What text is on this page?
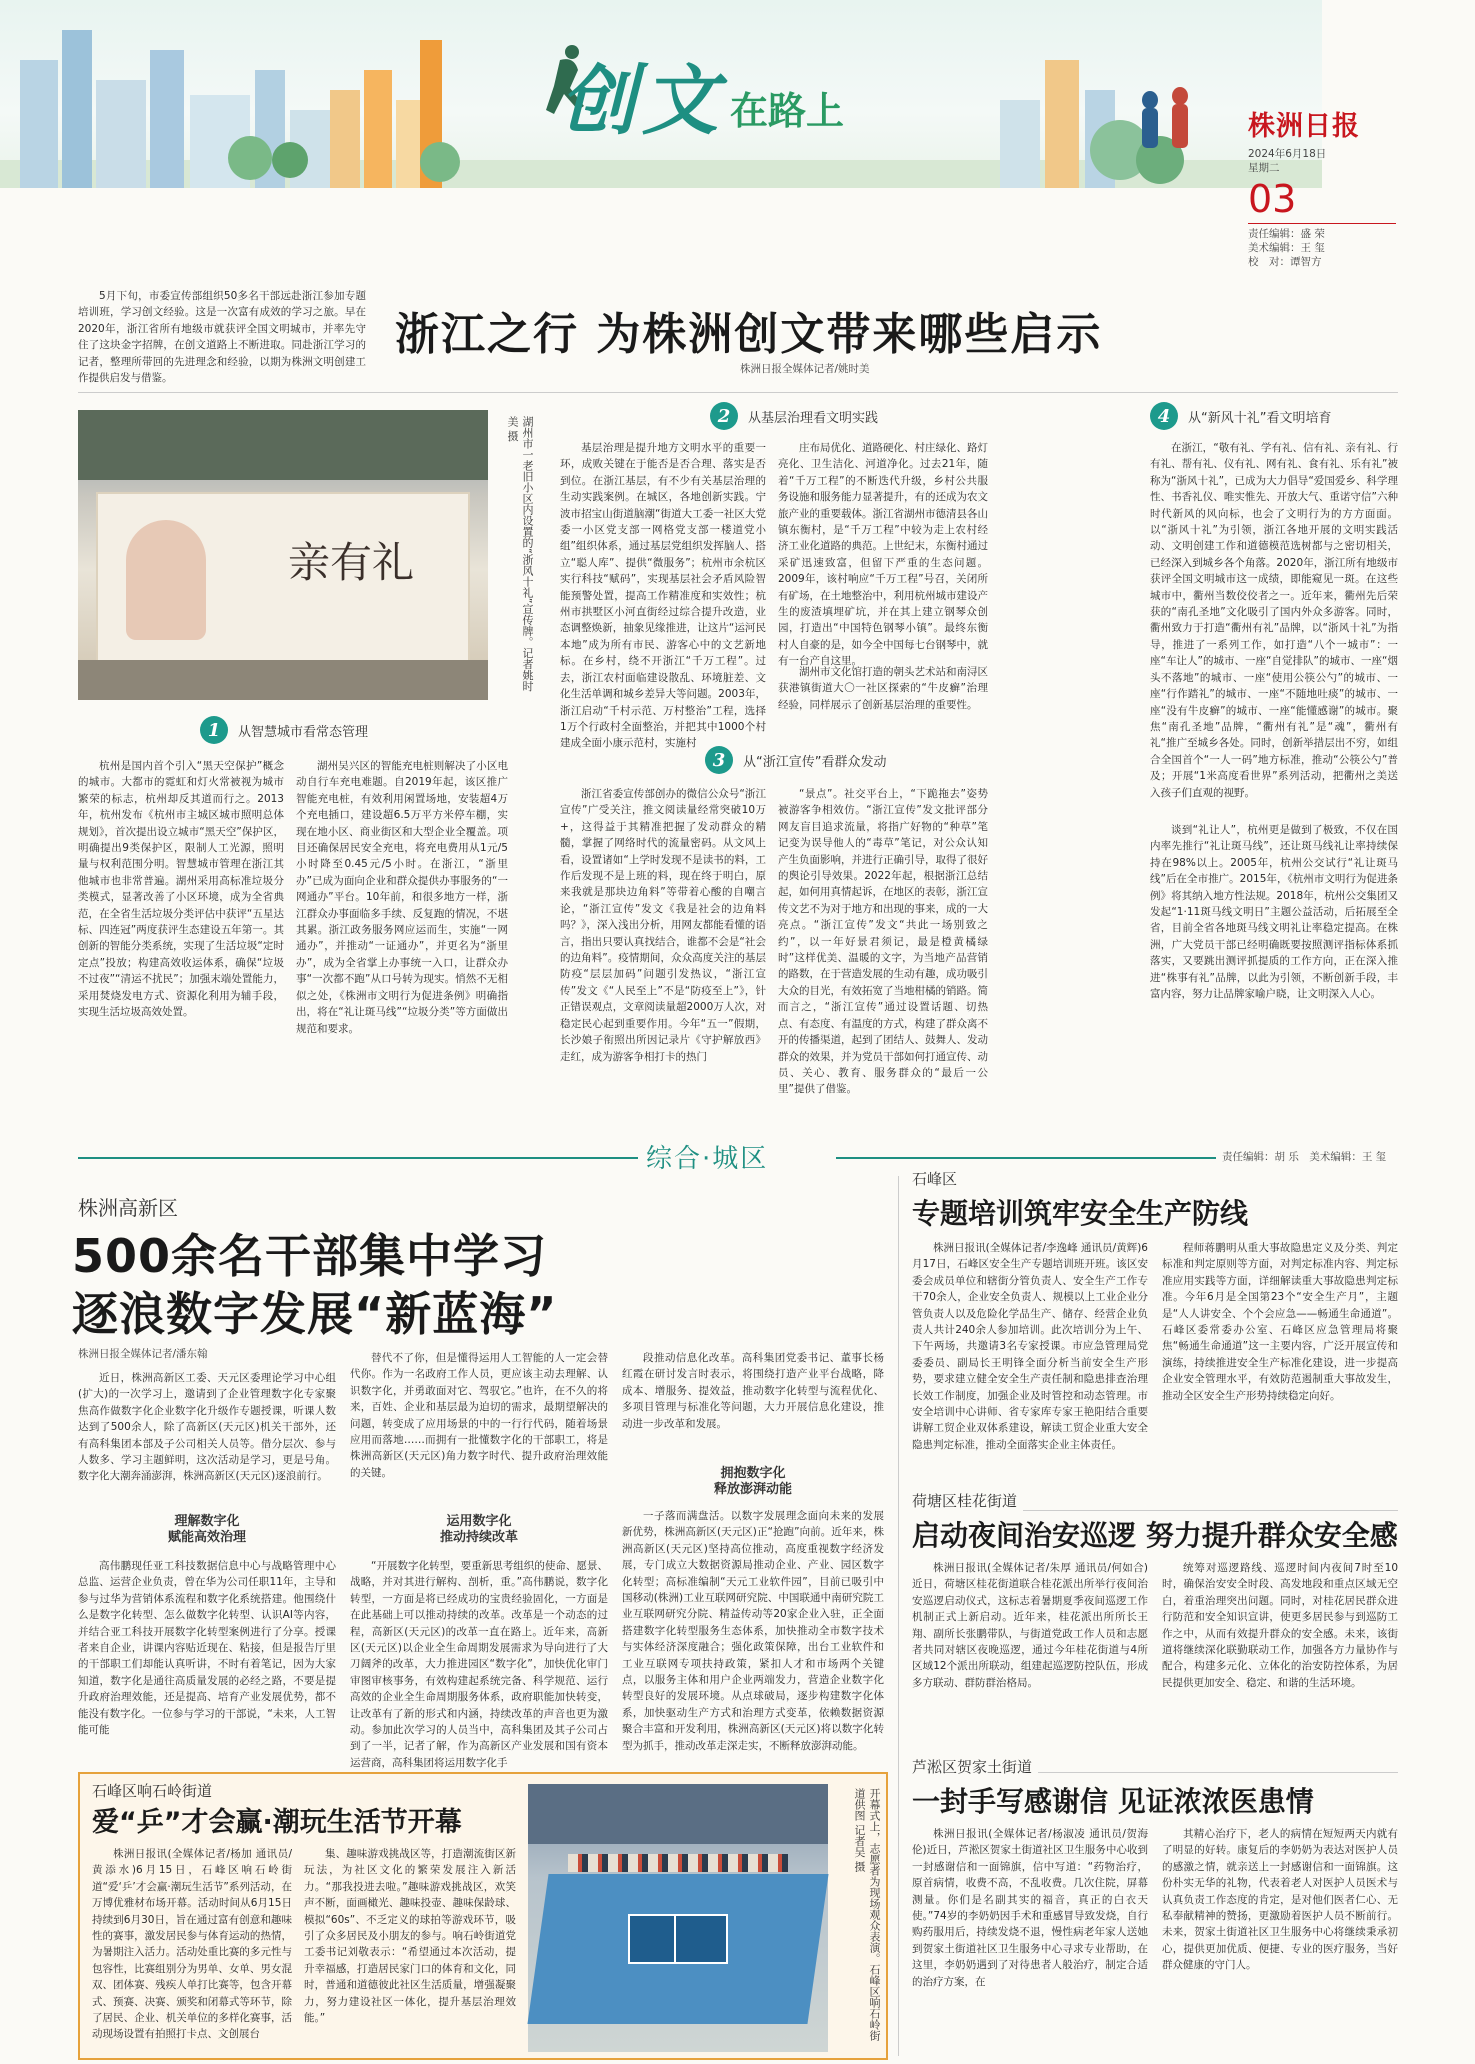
创文 在路上	株洲日报
2024年6月18日
星期二
03
责任编辑：盛 荣
美术编辑：王 玺
校　对：谭智方
5月下旬，市委宣传部组织50多名干部远赴浙江参加专题培训班，学习创文经验。这是一次富有成效的学习之旅。早在2020年，浙江省所有地级市就获评全国文明城市，并率先守住了这块金字招牌，在创文道路上不断进取。同赴浙江学习的记者，整理所带回的先进理念和经验，以期为株洲文明创建工作提供启发与借鉴。
浙江之行 为株洲创文带来哪些启示
株洲日报全媒体记者/姚时美
亲有礼	湖州市一老旧小区内设置的“浙风十礼”宣传牌。记者姚时美 摄
1	从智慧城市看常态管理
2	从基层治理看文明实践
3	从“浙江宣传”看群众发动
4	从“新风十礼”看文明培育
杭州是国内首个引入“黑天空保护”概念的城市。大都市的霓虹和灯火常被视为城市繁荣的标志，杭州却反其道而行之。2013年，杭州发布《杭州市主城区城市照明总体规划》，首次提出设立城市“黑天空”保护区，明确提出9类保护区，限制人工光源，照明量与权利范围分明。智慧城市管理在浙江其他城市也非常普遍。湖州采用高标准垃圾分类模式，显著改善了小区环境，成为全省典范，在全省生活垃圾分类评估中获评“五星达标、四连冠”两度获评生态建设五年第一。其创新的智能分类系统，实现了生活垃圾“定时定点”投放；构建高效收运体系，确保“垃圾不过夜”“清运不扰民”；加强末端处置能力，采用焚烧发电方式、资源化利用为辅手段，实现生活垃圾高效处置。
湖州吴兴区的智能充电桩则解决了小区电动自行车充电难题。自2019年起，该区推广智能充电桩，有效利用闲置场地，安装超4万个充电插口，建设超6.5万平方米停车棚，实现在地小区、商业街区和大型企业全覆盖。项目还确保居民安全充电，将充电费用从1元/5小时降至0.45元/5小时。在浙江，“浙里办”已成为面向企业和群众提供办事服务的“一网通办”平台。10年前，和很多地方一样，浙江群众办事面临多手续、反复跑的情况，不堪其累。浙江政务服务网应运而生，实施“一网通办”，并推动“一证通办”，并更名为“浙里办”，成为全省掌上办事统一入口，让群众办事“一次都不跑”从口号转为现实。悄然不无相似之处，《株洲市文明行为促进条例》明确指出，将在“礼让斑马线”“垃圾分类”等方面做出规范和要求。
基层治理是提升地方文明水平的重要一环，成败关键在于能否是否合理、落实是否到位。在浙江基层，有不少有关基层治理的生动实践案例。在城区，各地创新实践。宁波市招宝山街道脑潮“街道大工委一社区大党委一小区党支部一网格党支部一楼道党小组”组织体系，通过基层党组织发挥脑人、搭立“聪人库”、提供“微服务”；杭州市余杭区实行科技“赋码”，实现基层社会矛盾风险智能预警处置，提高工作精准度和实效性；杭州市拱墅区小河直街经过综合提升改造，业态调整焕新，抽象见缘推进，让这片“运河民本地”成为所有市民、游客心中的文艺新地标。在乡村，绕不开浙江“千万工程”。过去，浙江农村面临建设散乱、环境脏差、文化生活单调和城乡差异大等问题。2003年，浙江启动“千村示范、万村整治”工程，选择1万个行政村全面整治，并把其中1000个村建成全面小康示范村，实施村
庄布局优化、道路硬化、村庄绿化、路灯亮化、卫生洁化、河道净化。过去21年，随着“千万工程”的不断迭代升级，乡村公共服务设施和服务能力显著提升，有的还成为农文旅产业的重要载体。浙江省湖州市德清县各山镇东衡村，是“千万工程”中较为走上农村经济工业化道路的典范。上世纪末，东衡村通过采矿迅速致富，但留下严重的生态问题。2009年，该村响应“千万工程”号召，关闭所有矿场，在土地整治中，利用杭州城市建设产生的废渣填埋矿坑，并在其上建立钢琴众创园，打造出“中国特色钢琴小镇”。最终东衡村人自豪的是，如今全中国每七台钢琴中，就有一台产自这里。
湖州市文化馆打造的朝头艺术站和南浔区获港镇街道大〇一社区探索的“牛皮癣”治理经验，同样展示了创新基层治理的重要性。
浙江省委宣传部创办的微信公众号“浙江宣传”广受关注，推文阅读量经常突破10万+，这得益于其精准把握了发动群众的精髓，掌握了网络时代的流量密码。从文风上看，设置诸如“上学时发现不是读书的料，工作后发现不是上班的料，现在终于明白，原来我就是那块边角料”等带着心酸的自嘲言论，“浙江宣传”发文《我是社会的边角料吗？》，深入浅出分析，用网友都能看懂的语言，指出只要认真找结合，谁都不会是“社会的边角料”。疫情期间，众众高度关注的基层防疫“层层加码”问题引发热议，“浙江宣传”发文《“人民至上”不是“防疫至上”》，针正错误观点，文章阅读量超2000万人次，对稳定民心起到重要作用。今年“五一”假期，长沙娘子衔照出所因记录片《守护解放西》走红，成为游客争相打卡的热门
“景点”。社交平台上，“下跪拖去”姿势被游客争相效仿。“浙江宣传”发文批评部分网友盲目追求流量，将指广好物的“种草”笔记变为误导他人的“毒草”笔记，对公众认知产生负面影响，并进行正确引导，取得了很好的舆论引导效果。2022年起，根据浙江总结起，如何用真情起诉，在地区的表彰，浙江宣传文艺不为对于地方和出现的事来，成的一大亮点。“浙江宣传”发文“共此一场别致之约”，以一年好景君须记，最是橙黄橘绿时”这样优美、温暖的文字，为当地产品营销的路数，在于营造发展的生动有趣，成功吸引大众的目光，有效拓宽了当地柑橘的销路。简而言之，“浙江宣传”通过设置话题、切热点、有态度、有温度的方式，构建了群众离不开的传播渠道，起到了团结人、鼓舞人、发动群众的效果，并为党员干部如何打通宣传、动员、关心、教育、服务群众的“最后一公里”提供了借鉴。
在浙江，“敬有礼、学有礼、信有礼、亲有礼、行有礼、帮有礼、仪有礼、网有礼、食有礼、乐有礼”被称为“浙风十礼”，已成为大力倡导“爱国爱乡、科学理性、书香礼仪、唯实惟先、开放大气、重诺守信”六种时代新风的风向标，也会了文明行为的方方面面。以“浙风十礼”为引领，浙江各地开展的文明实践活动、文明创建工作和道德模范选树都与之密切相关，已经深入到城乡各个角落。2020年，浙江所有地级市获评全国文明城市这一成绩，即能窥见一斑。在这些城市中，衢州当数佼佼者之一。近年来，衢州先后荣获的“南孔圣地”文化吸引了国内外众多游客。同时，衢州致力于打造“衢州有礼”品牌，以“浙风十礼”为指导，推进了一系列工作，如打造“八个一城市”：一座“车让人”的城市、一座“自觉排队”的城市、一座“烟头不落地”的城市、一座“使用公筷公勺”的城市、一座“行作踏礼”的城市、一座“不随地吐痰”的城市、一座“没有牛皮癣”的城市、一座“能懂感谢”的城市。聚焦“南孔圣地”品牌，“衢州有礼”是“魂”，衢州有礼“推广至城乡各处。同时，创新举措层出不穷，如组合全国首个“一人一码”地方标准，推动“公筷公勺”普及；开展“1米高度看世界”系列活动，把衢州之美送入孩子们直观的视野。
谈到“礼让人”，杭州更是做到了极致，不仅在国内率先推行“礼让斑马线”，还让斑马线礼让率持续保持在98%以上。2005年，杭州公交试行“礼让斑马线”后在全市推广。2015年，《杭州市文明行为促进条例》将其纳入地方性法规。2018年，杭州公交集团又发起“1·11斑马线文明日”主题公益活动，后拓展至全省，目前全省各地斑马线文明礼让率稳定提高。在株洲，广大党员干部已经明确既要按照测评指标体系抓落实，又要跳出测评抓提质的工作方向，正在深入推进“株事有礼”品牌，以此为引领，不断创新手段，丰富内容，努力让品牌家喻户晓，让文明深入人心。
综合·城区	责任编辑：胡 乐　美术编辑：王 玺
株洲高新区
500余名干部集中学习
逐浪数字发展“新蓝海”
株洲日报全媒体记者/潘东翰
近日，株洲高新区工委、天元区委理论学习中心组(扩大)的一次学习上，邀请到了企业管理数字化专家聚焦高作做数字化企业数字化升级作专题授课，听课人数达到了500余人，除了高新区(天元区)机关干部外，还有高科集团本部及子公司相关人员等。借分层次、参与人数多、学习主题鲜明，这次活动是学习，更是号角。数字化大潮奔涌澎湃，株洲高新区(天元区)逐浪前行。
理解数字化
赋能高效治理
高伟鹏现任亚工科技数据信息中心与战略管理中心总监、运营企业负责，曾在华为公司任职11年，主导和参与过华为营销体系流程和数字化系统搭建。他围绕什么是数字化转型、怎么做数字化转型、认识AI等内容，并结合亚工科技开展数字化转型案例进行了分享。授课者来自企业，讲课内容贴近现在、粘接，但是报告厅里的干部职工们却能认真听讲，不时有着笔记，因为大家知道，数字化是通往高质量发展的必经之路，不要是提升政府治理效能，还是提高、培育产业发展优势，都不能没有数字化。一位参与学习的干部说，“未来，人工智能可能
替代不了你，但是懂得运用人工智能的人一定会替代你。作为一名政府工作人员，更应该主动去理解、认识数字化，并勇敢面对它、驾驭它。”也许，在不久的将来，百姓、企业和基层最为迫切的需求，最期望解决的问题，转变成了应用场景的中的一行行代码，随着场景应用而落地……而拥有一批懂数字化的干部职工，将是株洲高新区(天元区)角力数字时代、提升政府治理效能的关键。
运用数字化
推动持续改革
“开展数字化转型，要重新思考组织的使命、愿景、战略，并对其进行解构、剖析，重。”高伟鹏说，数字化转型，一方面是将已经成功的宝贵经验固化，一方面是在此基础上可以推动持续的改革。改革是一个动态的过程，高新区(天元区)的改革一直在路上。近年来，高新区(天元区)以企业全生命周期发展需求为导向进行了大刀阔斧的改革，大力推进园区“数字化”，加快优化审门审图审核事务，有效构建起系统完备、科学规范、运行高效的企业全生命周期服务体系，政府职能加快转变，让改革有了新的形式和内涵，持续改革的声音也更为激动。参加此次学习的人员当中，高科集团及其子公司占到了一半，记者了解，作为高新区产业发展和国有资本运营商，高科集团将运用数字化手
段推动信息化改革。高科集团党委书记、董事长杨红霞在研讨发言时表示，将围绕打造产业平台战略，降成本、增服务、提效益，推动数字化转型与流程优化、多项目管理与标准化等问题，大力开展信息化建设，推动进一步改革和发展。
拥抱数字化
释放澎湃动能
一子落而满盘活。以数字发展理念面向未来的发展新优势，株洲高新区(天元区)正“抢跑”向前。近年来，株洲高新区(天元区)坚持高位推动，高度重视数字经济发展，专门成立大数据资源局推动企业、产业、园区数字化转型；高标准编制“天元工业软件园”，目前已吸引中国移动(株洲)工业互联网研究院、中国联通中南研究院工业互联网研究分院、精益传动等20家企业入驻，正全面搭建数字化转型服务生态体系，加快推动全市数字技术与实体经济深度融合；强化政策保障，出台工业软件和工业互联网专项扶持政策，紧扣人才和市场两个关键点，以服务主体和用户企业两端发力，营造企业数字化转型良好的发展环境。从点球破局，逐步构建数字化体系，加快驱动生产方式和治理方式变革，依赖数据资源聚合丰富和开发利用，株洲高新区(天元区)将以数字化转型为抓手，推动改革走深走实，不断释放澎湃动能。
石峰区
专题培训筑牢安全生产防线
株洲日报讯(全媒体记者/李逸峰 通讯员/黄辉)6月17日，石峰区安全生产专题培训班开班。该区安委会成员单位和辖街分管负责人、安全生产工作专干70余人，企业安全负责人、规模以上工业企业分管负责人以及危险化学品生产、储存、经营企业负责人共计240余人参加培训。此次培训分为上午、下午两场，共邀请3名专家授课。市应急管理局党委委员、副局长王明锋全面分析当前安全生产形势，要求建立健全安全生产责任制和隐患排查治理长效工作制度，加强企业及时管控和动态管理。市安全培训中心讲师、省专家库专家王艳阳结合重要讲解工贸企业双体系建设，解读工贸企业重大安全隐患判定标准，推动全面落实企业主体责任。
程师蒋鹏明从重大事故隐患定义及分类、判定标准和判定原则等方面，对判定标准内容、判定标准应用实践等方面，详细解读重大事故隐患判定标准。今年6月是全国第23个“安全生产月”，主题是“人人讲安全、个个会应急——畅通生命通道”。石峰区委常委办公室、石峰区应急管理局将聚焦“畅通生命通道”这一主要内容，广泛开展宣传和演练，持续推进安全生产标准化建设，进一步提高企业安全管理水平，有效防范遏制重大事故发生，推动全区安全生产形势持续稳定向好。
荷塘区桂花街道
启动夜间治安巡逻 努力提升群众安全感
株洲日报讯(全媒体记者/朱厚 通讯员/何如合)近日，荷塘区桂花街道联合桂花派出所举行夜间治安巡逻启动仪式，这标志着暑期夏季夜间巡逻工作机制正式上新启动。近年来，桂花派出所所长王翔、副所长张鹏带队，与街道党政工作人员和志愿者共同对辖区夜晚巡逻，通过今年桂花街道与4所区域12个派出所联动，组建起巡逻防控队伍，形成多方联动、群防群治格局。
统筹对巡逻路线、巡逻时间内夜间7时至10时，确保治安安全时段、高发地段和重点区域无空白，着重治理突出问题。同时，对桂花居民群众进行防范和安全知识宣讲，使更多居民参与到巡防工作之中，从而有效提升群众的安全感。未来，该街道将继续深化联勤联动工作，加强各方力量协作与配合，构建多元化、立体化的治安防控体系，为居民提供更加安全、稳定、和谐的生活环境。
芦淞区贺家土街道
一封手写感谢信 见证浓浓医患情
株洲日报讯(全媒体记者/杨淑凌 通讯员/贺海伦)近日，芦淞区贺家土街道社区卫生服务中心收到一封感谢信和一面锦旗，信中写道：“药物治疗，原首病情，收费不高，不乱收费。几次住院，屏幕测量。你们是名副其实的福音，真正的白衣天使。”74岁的李奶奶因手术和重感冒导致发烧，自行购药服用后，持续发烧不退，慢性病老年家人送她到贺家土街道社区卫生服务中心寻求专业帮助，在这里，李奶奶遇到了对待患者人般治疗，制定合适的治疗方案，在
其精心治疗下，老人的病情在短短两天内就有了明显的好转。康复后的李奶奶为表达对医护人员的感激之情，就亲送上一封感谢信和一面锦旗。这份朴实无华的礼物，代表着老人对医护人员医术与认真负责工作态度的肯定，是对他们医者仁心、无私奉献精神的赞扬，更激励着医护人员不断前行。未来，贺家土街道社区卫生服务中心将继续秉承初心，提供更加优质、便捷、专业的医疗服务，当好群众健康的守门人。
石峰区响石岭街道
爱“乒”才会赢·潮玩生活节开幕
株洲日报讯(全媒体记者/杨加 通讯员/黄添水)6月15日，石峰区响石岭街道“爱‘乒’才会赢·潮玩生活节”系列活动，在万博优雅材布场开幕。活动时间从6月15日持续到6月30日，旨在通过富有创意和趣味性的赛事，激发居民参与体育运动的热情，为暑期注入活力。活动处重比赛的多元性与包容性，比赛组别分为男单、女单、男女混双、团体赛、残疾人单打比赛等，包含开幕式、预赛、决赛、颁奖和闭幕式等环节，除了居民、企业、机关单位的多样化赛事，活动现场设置有拍照打卡点、文创展台
集、趣味游戏挑战区等，打造潮流街区新玩法，为社区文化的繁荣发展注入新活力。“那我投进去啦。”趣味游戏挑战区，欢笑声不断，面画橄光、趣味投壶、趣味保龄球、模拟“60s”、不乏定义的球拍等游戏环节，吸引了众多居民及小朋友的参与。响石岭街道党工委书记刘敬表示：“希望通过本次活动，提升幸福感，打造居民家门口的体育和文化，同时，普通和道德彼此社区生活质量，增强凝聚力，努力建设社区一体化，提升基层治理效能。”	开幕式上，志愿者为现场观众表演。石峰区响石岭街道供图 记者吴 摄
